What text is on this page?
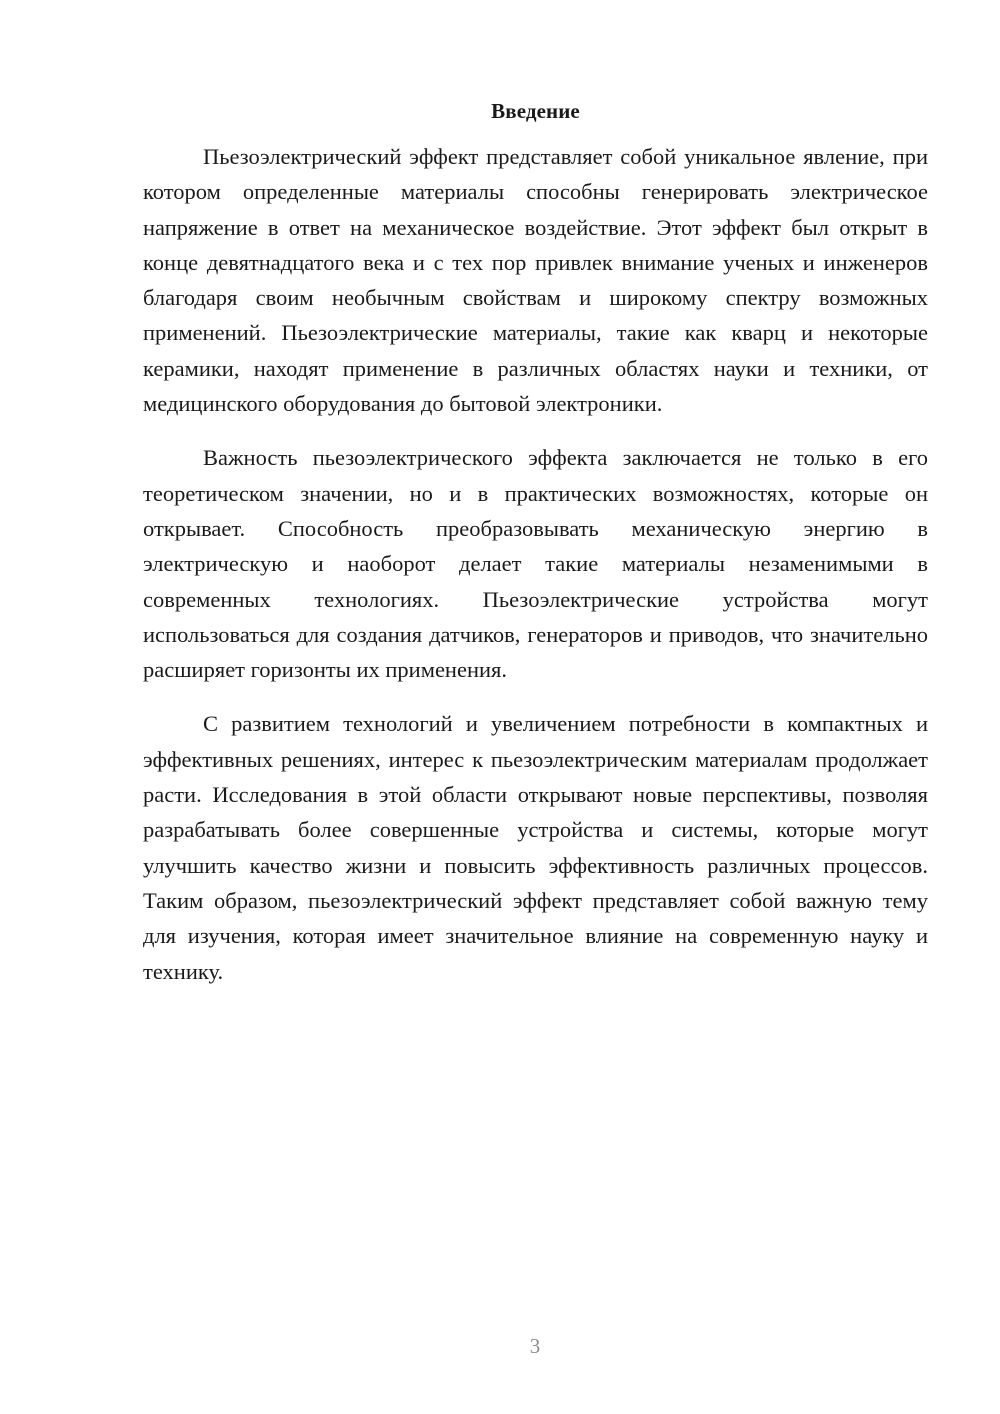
Введение

Пьезоэлектрический эффект представляет собой уникальное явление, при котором определенные материалы способны генерировать электрическое напряжение в ответ на механическое воздействие. Этот эффект был открыт в конце девятнадцатого века и с тех пор привлек внимание ученых и инженеров благодаря своим необычным свойствам и широкому спектру возможных применений. Пьезоэлектрические материалы, такие как кварц и некоторые керамики, находят применение в различных областях науки и техники, от медицинского оборудования до бытовой электроники.

Важность пьезоэлектрического эффекта заключается не только в его теоретическом значении, но и в практических возможностях, которые он открывает. Способность преобразовывать механическую энергию в электрическую и наоборот делает такие материалы незаменимыми в современных технологиях. Пьезоэлектрические устройства могут использоваться для создания датчиков, генераторов и приводов, что значительно расширяет горизонты их применения.

С развитием технологий и увеличением потребности в компактных и эффективных решениях, интерес к пьезоэлектрическим материалам продолжает расти. Исследования в этой области открывают новые перспективы, позволяя разрабатывать более совершенные устройства и системы, которые могут улучшить качество жизни и повысить эффективность различных процессов. Таким образом, пьезоэлектрический эффект представляет собой важную тему для изучения, которая имеет значительное влияние на современную науку и технику.

3
